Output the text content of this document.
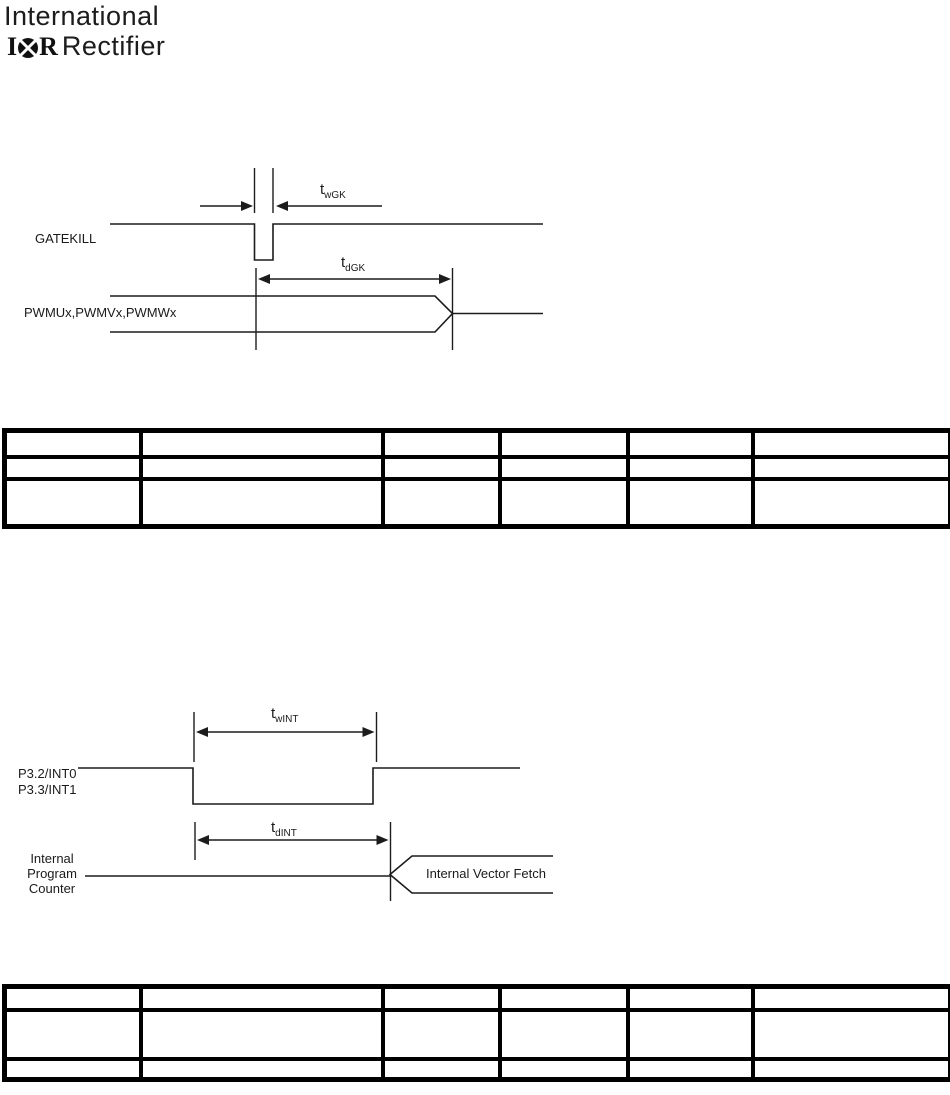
International
I R Rectifier
GATEKILL
$t_{wGK}$
$t_{dGK}$
PWMUx,PWMVx,PWMWx

P3.2/INT0
P3.3/INT1
$t_{wINT}$
$t_{dINT}$
Internal
Program
Counter
Internal Vector Fetch
